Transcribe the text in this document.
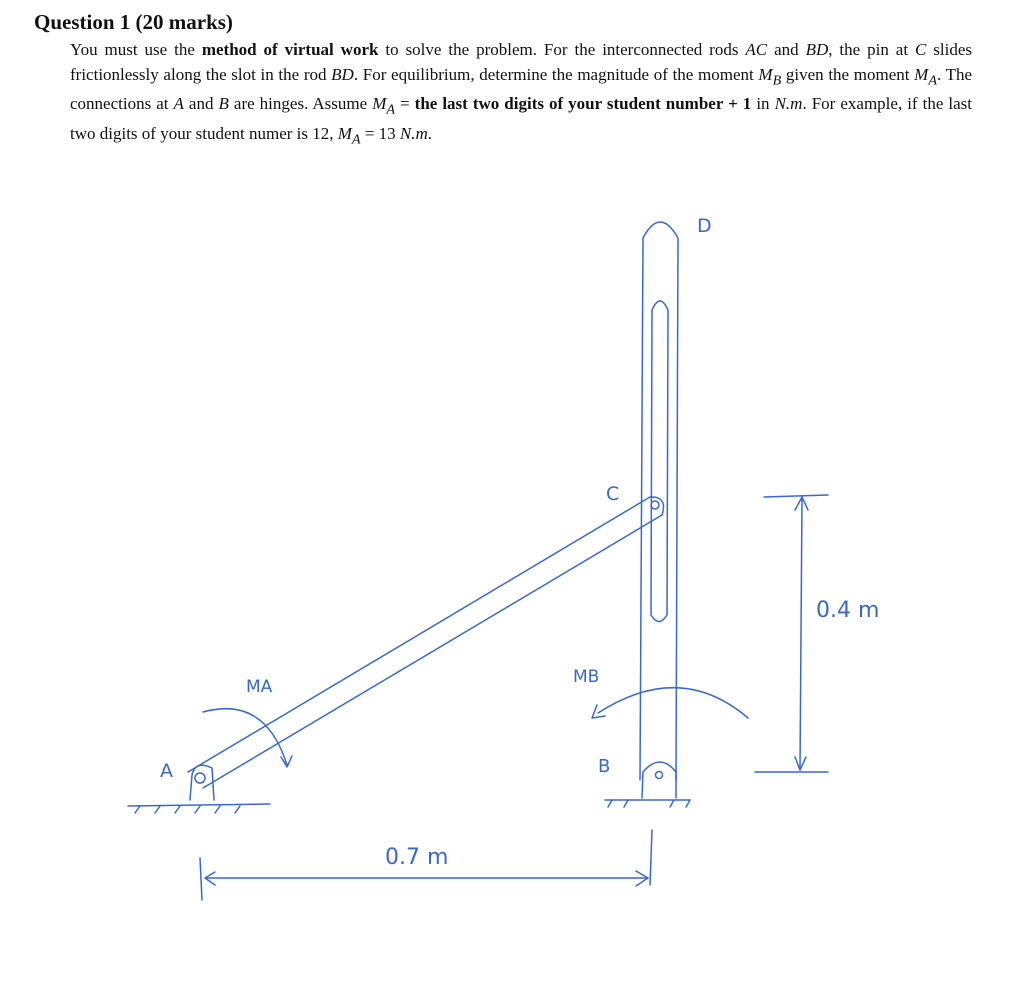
Question 1 (20 marks)
You must use the method of virtual work to solve the problem. For the interconnected rods AC and BD, the pin at C slides frictionlessly along the slot in the rod BD. For equilibrium, determine the magnitude of the moment $M_B$ given the moment $M_A$. The connections at A and B are hinges. Assume $M_A$ = the last two digits of your student number + 1 in N.m. For example, if the last two digits of your student numer is 12, $M_A = 13$ N.m.
D
C
B
A
MA	MB
0.4 m
0.7 m
